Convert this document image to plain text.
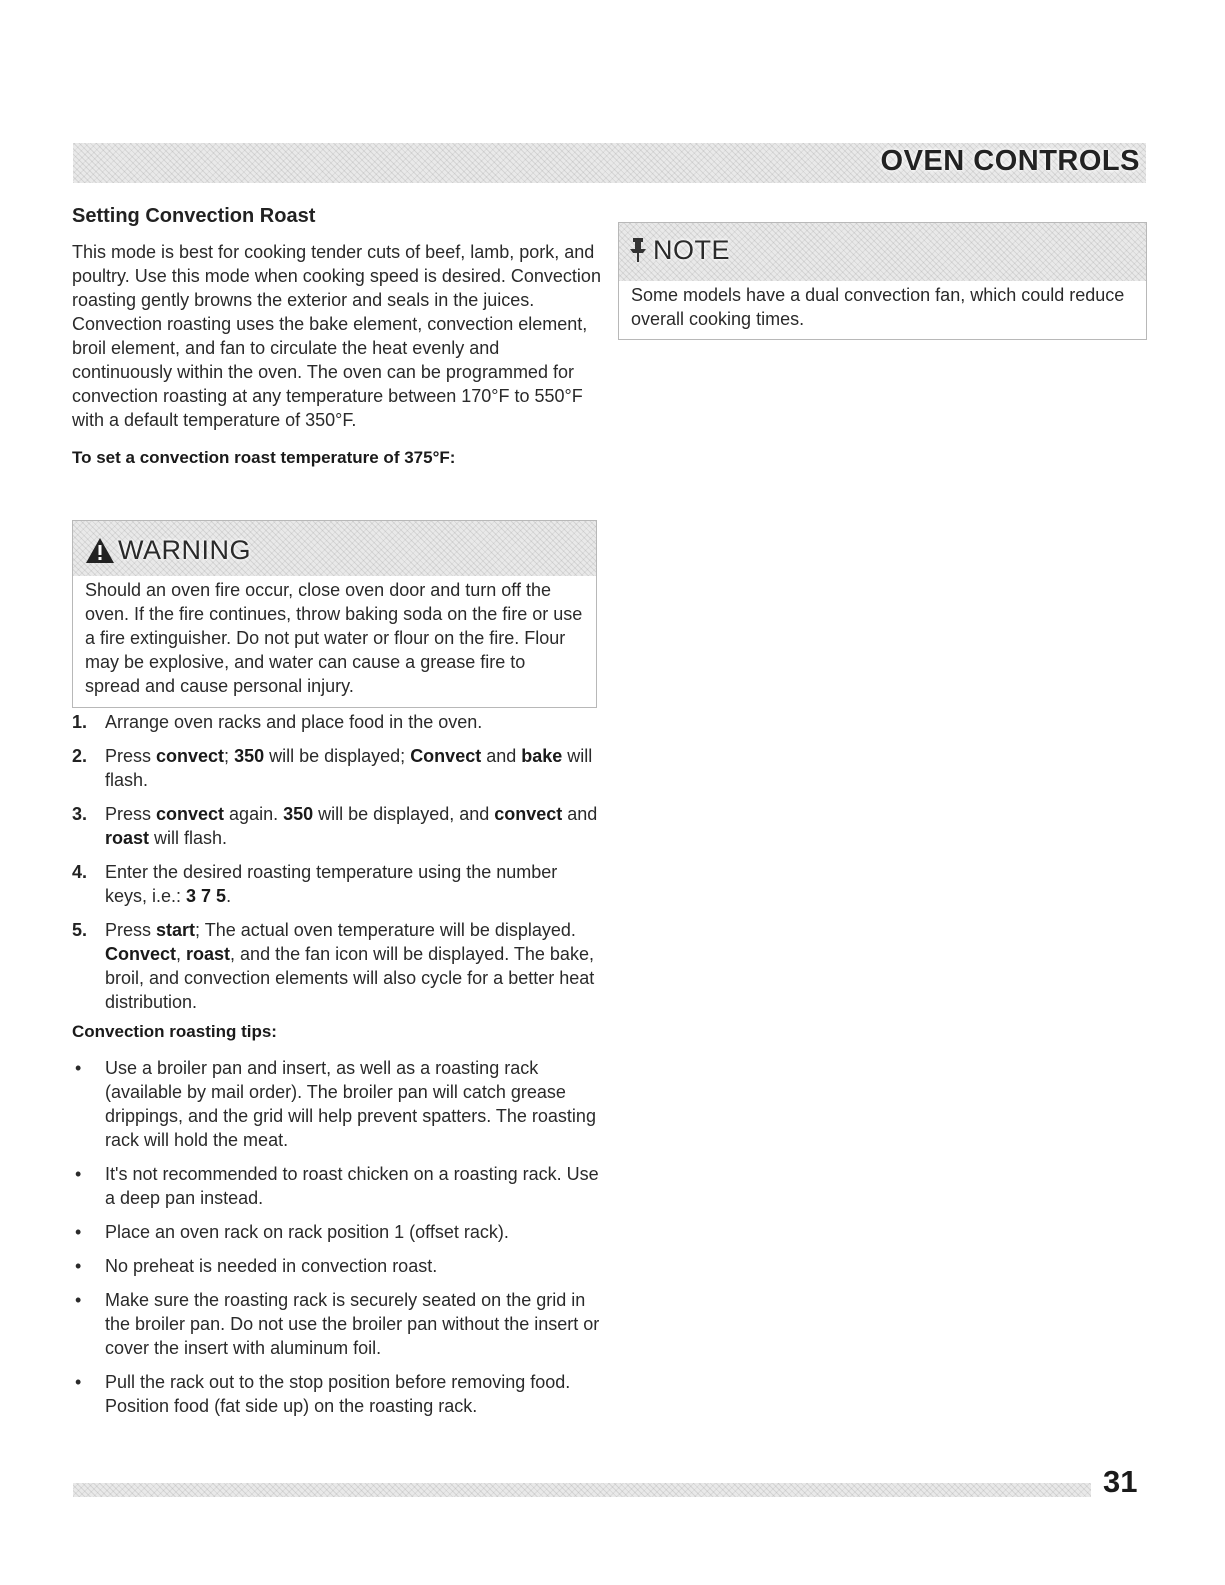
OVEN CONTROLS
Setting Convection Roast

This mode is best for cooking tender cuts of beef, lamb, pork, and poultry. Use this mode when cooking speed is desired. Convection roasting gently browns the exterior and seals in the juices. Convection roasting uses the bake element, convection element, broil element, and fan to circulate the heat evenly and continuously within the oven. The oven can be programmed for convection roasting at any temperature between 170°F to 550°F with a default temperature of 350°F.

To set a convection roast temperature of 375°F:

WARNING
Should an oven fire occur, close oven door and turn off the oven. If the fire continues, throw baking soda on the fire or use a fire extinguisher. Do not put water or flour on the fire. Flour may be explosive, and water can cause a grease fire to spread and cause personal injury.
NOTE
Some models have a dual convection fan, which could reduce overall cooking times.
1. Arrange oven racks and place food in the oven.
2. Press convect; 350 will be displayed; Convect and bake will flash.
3. Press convect again. 350 will be displayed, and convect and roast will flash.
4. Enter the desired roasting temperature using the number keys, i.e.: 3 7 5.
5. Press start; The actual oven temperature will be displayed. Convect, roast, and the fan icon will be displayed. The bake, broil, and convection elements will also cycle for a better heat distribution.
Convection roasting tips:
• Use a broiler pan and insert, as well as a roasting rack (available by mail order). The broiler pan will catch grease drippings, and the grid will help prevent spatters. The roasting rack will hold the meat.
• It's not recommended to roast chicken on a roasting rack. Use a deep pan instead.
• Place an oven rack on rack position 1 (offset rack).
• No preheat is needed in convection roast.
• Make sure the roasting rack is securely seated on the grid in the broiler pan. Do not use the broiler pan without the insert or cover the insert with aluminum foil.
• Pull the rack out to the stop position before removing food. Position food (fat side up) on the roasting rack.
31
